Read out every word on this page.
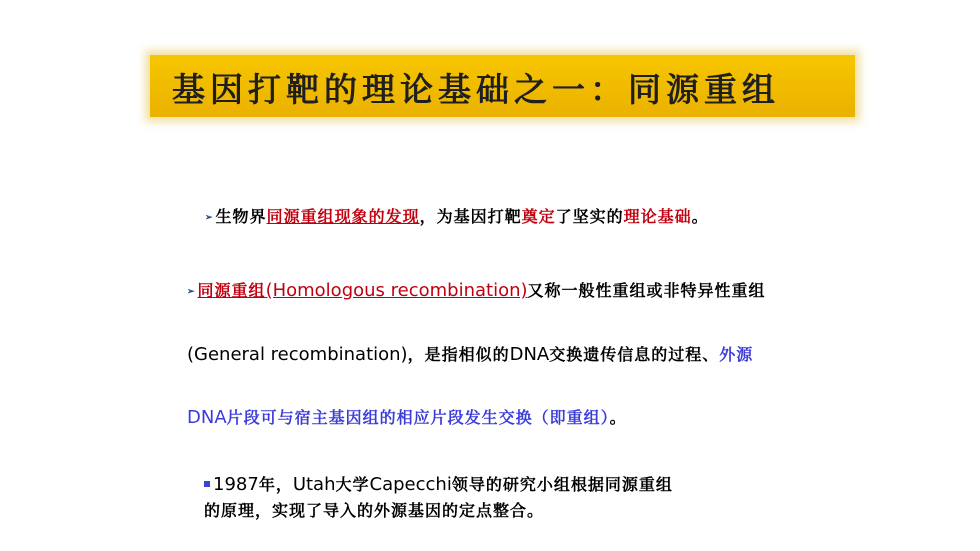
基因打靶的理论基础之一：同源重组
➢ 生物界同源重组现象的发现，为基因打靶奠定了坚实的理论基础。
➢ 同源重组(Homologous recombination)又称一般性重组或非特异性重组
(General recombination)，是指相似的DNA交换遗传信息的过程、外源
DNA片段可与宿主基因组的相应片段发生交换（即重组）。
1987年，Utah大学Capecchi领导的研究小组根据同源重组
的原理，实现了导入的外源基因的定点整合。
